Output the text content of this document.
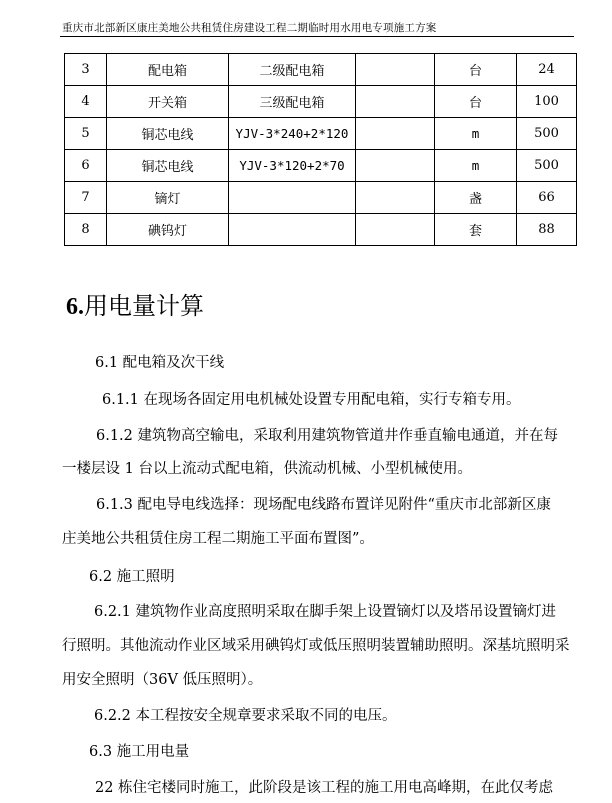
重庆市北部新区康庄美地公共租赁住房建设工程二期临时用水用电专项施工方案
3	配电箱	二级配电箱		台	24
4	开关箱	三级配电箱		台	100
5	铜芯电线	YJV-3*240+2*120		m	500
6	铜芯电线	YJV-3*120+2*70		m	500
7	镝灯			盏	66
8	碘钨灯			套	88
6.用电量计算
6.1 配电箱及次干线
6.1.1 在现场各固定用电机械处设置专用配电箱，实行专箱专用。
6.1.2 建筑物高空输电，采取利用建筑物管道井作垂直输电通道，并在每
一楼层设 1 台以上流动式配电箱，供流动机械、小型机械使用。
6.1.3 配电导电线选择：现场配电线路布置详见附件“重庆市北部新区康
庄美地公共租赁住房工程二期施工平面布置图”。
6.2 施工照明
6.2.1 建筑物作业高度照明采取在脚手架上设置镝灯以及塔吊设置镝灯进
行照明。其他流动作业区域采用碘钨灯或低压照明装置辅助照明。深基坑照明采
用安全照明（36V 低压照明）。
6.2.2 本工程按安全规章要求采取不同的电压。
6.3 施工用电量
22 栋住宅楼同时施工，此阶段是该工程的施工用电高峰期，在此仅考虑
